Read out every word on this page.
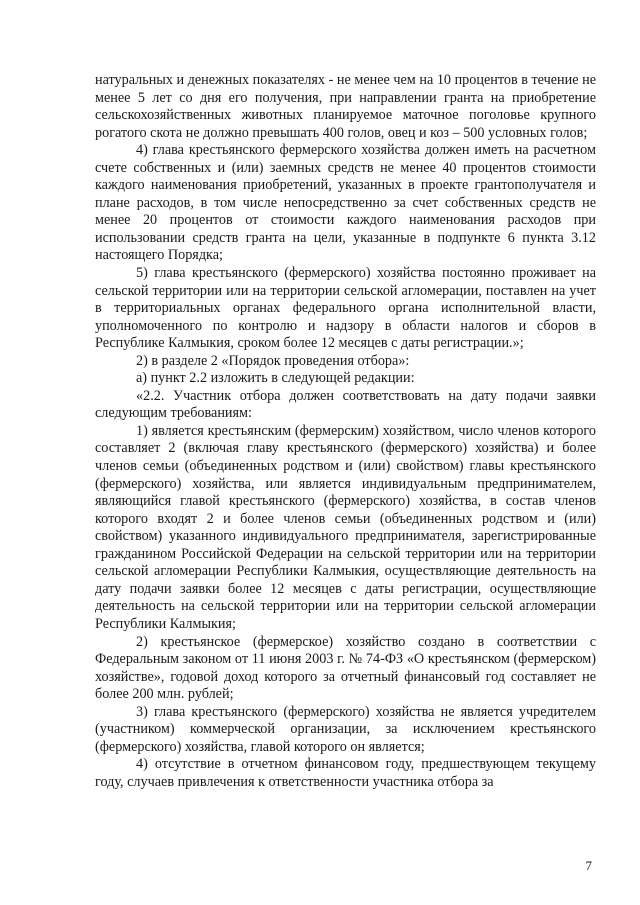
натуральных и денежных показателях - не менее чем на 10 процентов в течение не менее 5 лет со дня его получения, при направлении гранта на приобретение сельскохозяйственных животных планируемое маточное поголовье крупного рогатого скота не должно превышать 400 голов, овец и коз – 500 условных голов;

4) глава крестьянского фермерского хозяйства должен иметь на расчетном счете собственных и (или) заемных средств не менее 40 процентов стоимости каждого наименования приобретений, указанных в проекте грантополучателя и плане расходов, в том числе непосредственно за счет собственных средств не менее 20 процентов от стоимости каждого наименования расходов при использовании средств гранта на цели, указанные в подпункте 6 пункта 3.12 настоящего Порядка;

5) глава крестьянского (фермерского) хозяйства постоянно проживает на сельской территории или на территории сельской агломерации, поставлен на учет в территориальных органах федерального органа исполнительной власти, уполномоченного по контролю и надзору в области налогов и сборов в Республике Калмыкия, сроком более 12 месяцев с даты регистрации.»;

2) в разделе 2 «Порядок проведения отбора»:

а) пункт 2.2 изложить в следующей редакции:

«2.2. Участник отбора должен соответствовать на дату подачи заявки следующим требованиям:

1) является крестьянским (фермерским) хозяйством, число членов которого составляет 2 (включая главу крестьянского (фермерского) хозяйства) и более членов семьи (объединенных родством и (или) свойством) главы крестьянского (фермерского) хозяйства, или является индивидуальным предпринимателем, являющийся главой крестьянского (фермерского) хозяйства, в состав членов которого входят 2 и более членов семьи (объединенных родством и (или) свойством) указанного индивидуального предпринимателя, зарегистрированные гражданином Российской Федерации на сельской территории или на территории сельской агломерации Республики Калмыкия, осуществляющие деятельность на дату подачи заявки более 12 месяцев с даты регистрации, осуществляющие деятельность на сельской территории или на территории сельской агломерации Республики Калмыкия;

2) крестьянское (фермерское) хозяйство создано в соответствии с Федеральным законом от 11 июня 2003 г. № 74-ФЗ «О крестьянском (фермерском) хозяйстве», годовой доход которого за отчетный финансовый год составляет не более 200 млн. рублей;

3) глава крестьянского (фермерского) хозяйства не является учредителем (участником) коммерческой организации, за исключением крестьянского (фермерского) хозяйства, главой которого он является;

4) отсутствие в отчетном финансовом году, предшествующем текущему году, случаев привлечения к ответственности участника отбора за

7
